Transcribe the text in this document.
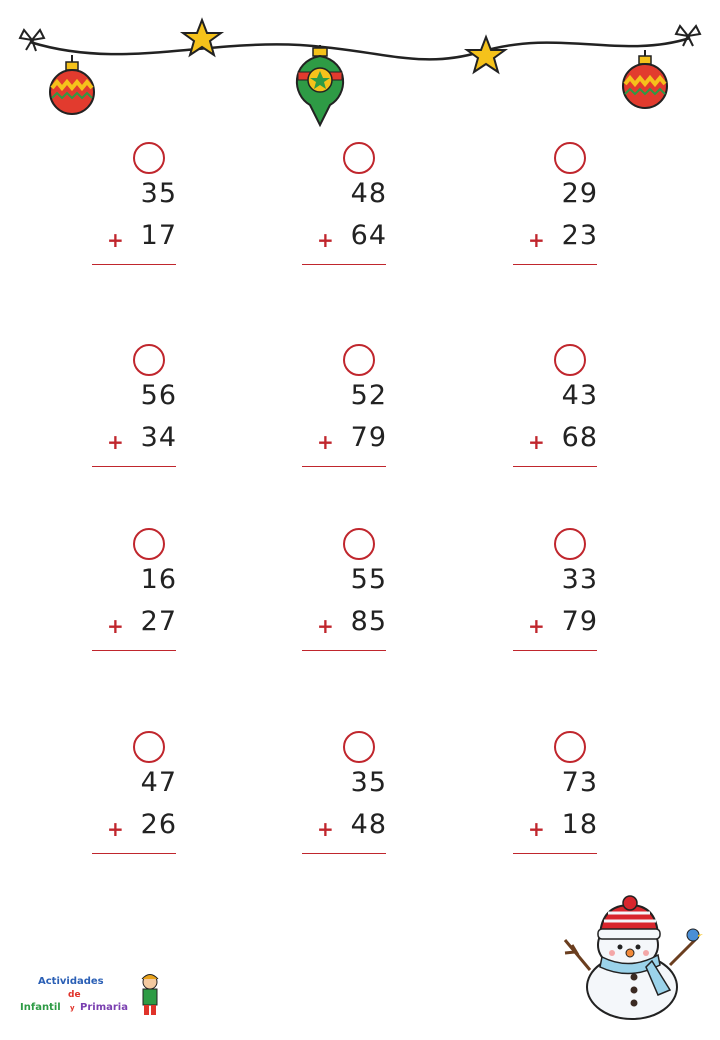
35
+ 17
48
+ 64
29
+ 23
56
+ 34
52
+ 79
43
+ 68
16
+ 27
55
+ 85
33
+ 79
47
+ 26
35
+ 48
73
+ 18
Actividades
de
Infantil y Primaria
